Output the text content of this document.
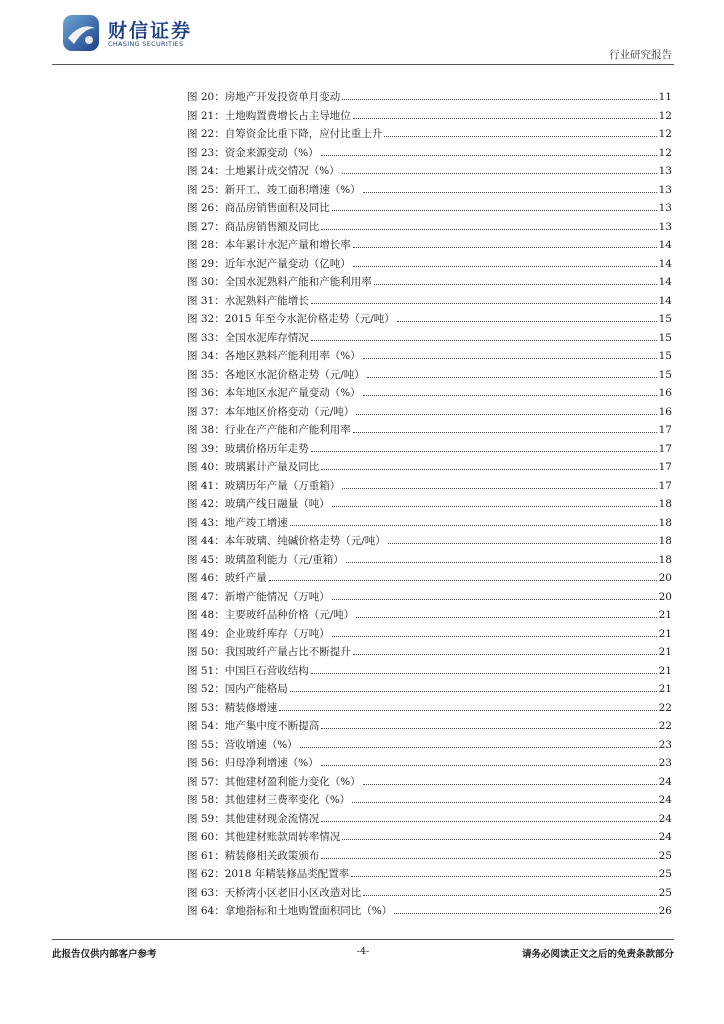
财信证券
CHASING SECURITIES
行业研究报告
图 20：房地产开发投资单月变动	11
图 21：土地购置费增长占主导地位	12
图 22：自筹资金比重下降，应付比重上升	12
图 23：资金来源变动（%）	12
图 24：土地累计成交情况（%）	13
图 25：新开工、竣工面积增速（%）	13
图 26：商品房销售面积及同比	13
图 27：商品房销售额及同比	13
图 28：本年累计水泥产量和增长率	14
图 29：近年水泥产量变动（亿吨）	14
图 30：全国水泥熟料产能和产能利用率	14
图 31：水泥熟料产能增长	14
图 32：2015 年至今水泥价格走势（元/吨）	15
图 33：全国水泥库存情况	15
图 34：各地区熟料产能利用率（%）	15
图 35：各地区水泥价格走势（元/吨）	15
图 36：本年地区水泥产量变动（%）	16
图 37：本年地区价格变动（元/吨）	16
图 38：行业在产产能和产能利用率	17
图 39：玻璃价格历年走势	17
图 40：玻璃累计产量及同比	17
图 41：玻璃历年产量（万重箱）	17
图 42：玻璃产线日融量（吨）	18
图 43：地产竣工增速	18
图 44：本年玻璃、纯碱价格走势（元/吨）	18
图 45：玻璃盈利能力（元/重箱）	18
图 46：玻纤产量	20
图 47：新增产能情况（万吨）	20
图 48：主要玻纤品种价格（元/吨）	21
图 49：企业玻纤库存（万吨）	21
图 50：我国玻纤产量占比不断提升	21
图 51：中国巨石营收结构	21
图 52：国内产能格局	21
图 53：精装修增速	22
图 54：地产集中度不断提高	22
图 55：营收增速（%）	23
图 56：归母净利增速（%）	23
图 57：其他建材盈利能力变化（%）	24
图 58：其他建材三费率变化（%）	24
图 59：其他建材现金流情况	24
图 60：其他建材账款周转率情况	24
图 61：精装修相关政策颁布	25
图 62：2018 年精装修品类配置率	25
图 63：天桥湾小区老旧小区改造对比	25
图 64：拿地指标和土地购置面积同比（%）	26
此报告仅供内部客户参考	-4-	请务必阅读正文之后的免责条款部分
